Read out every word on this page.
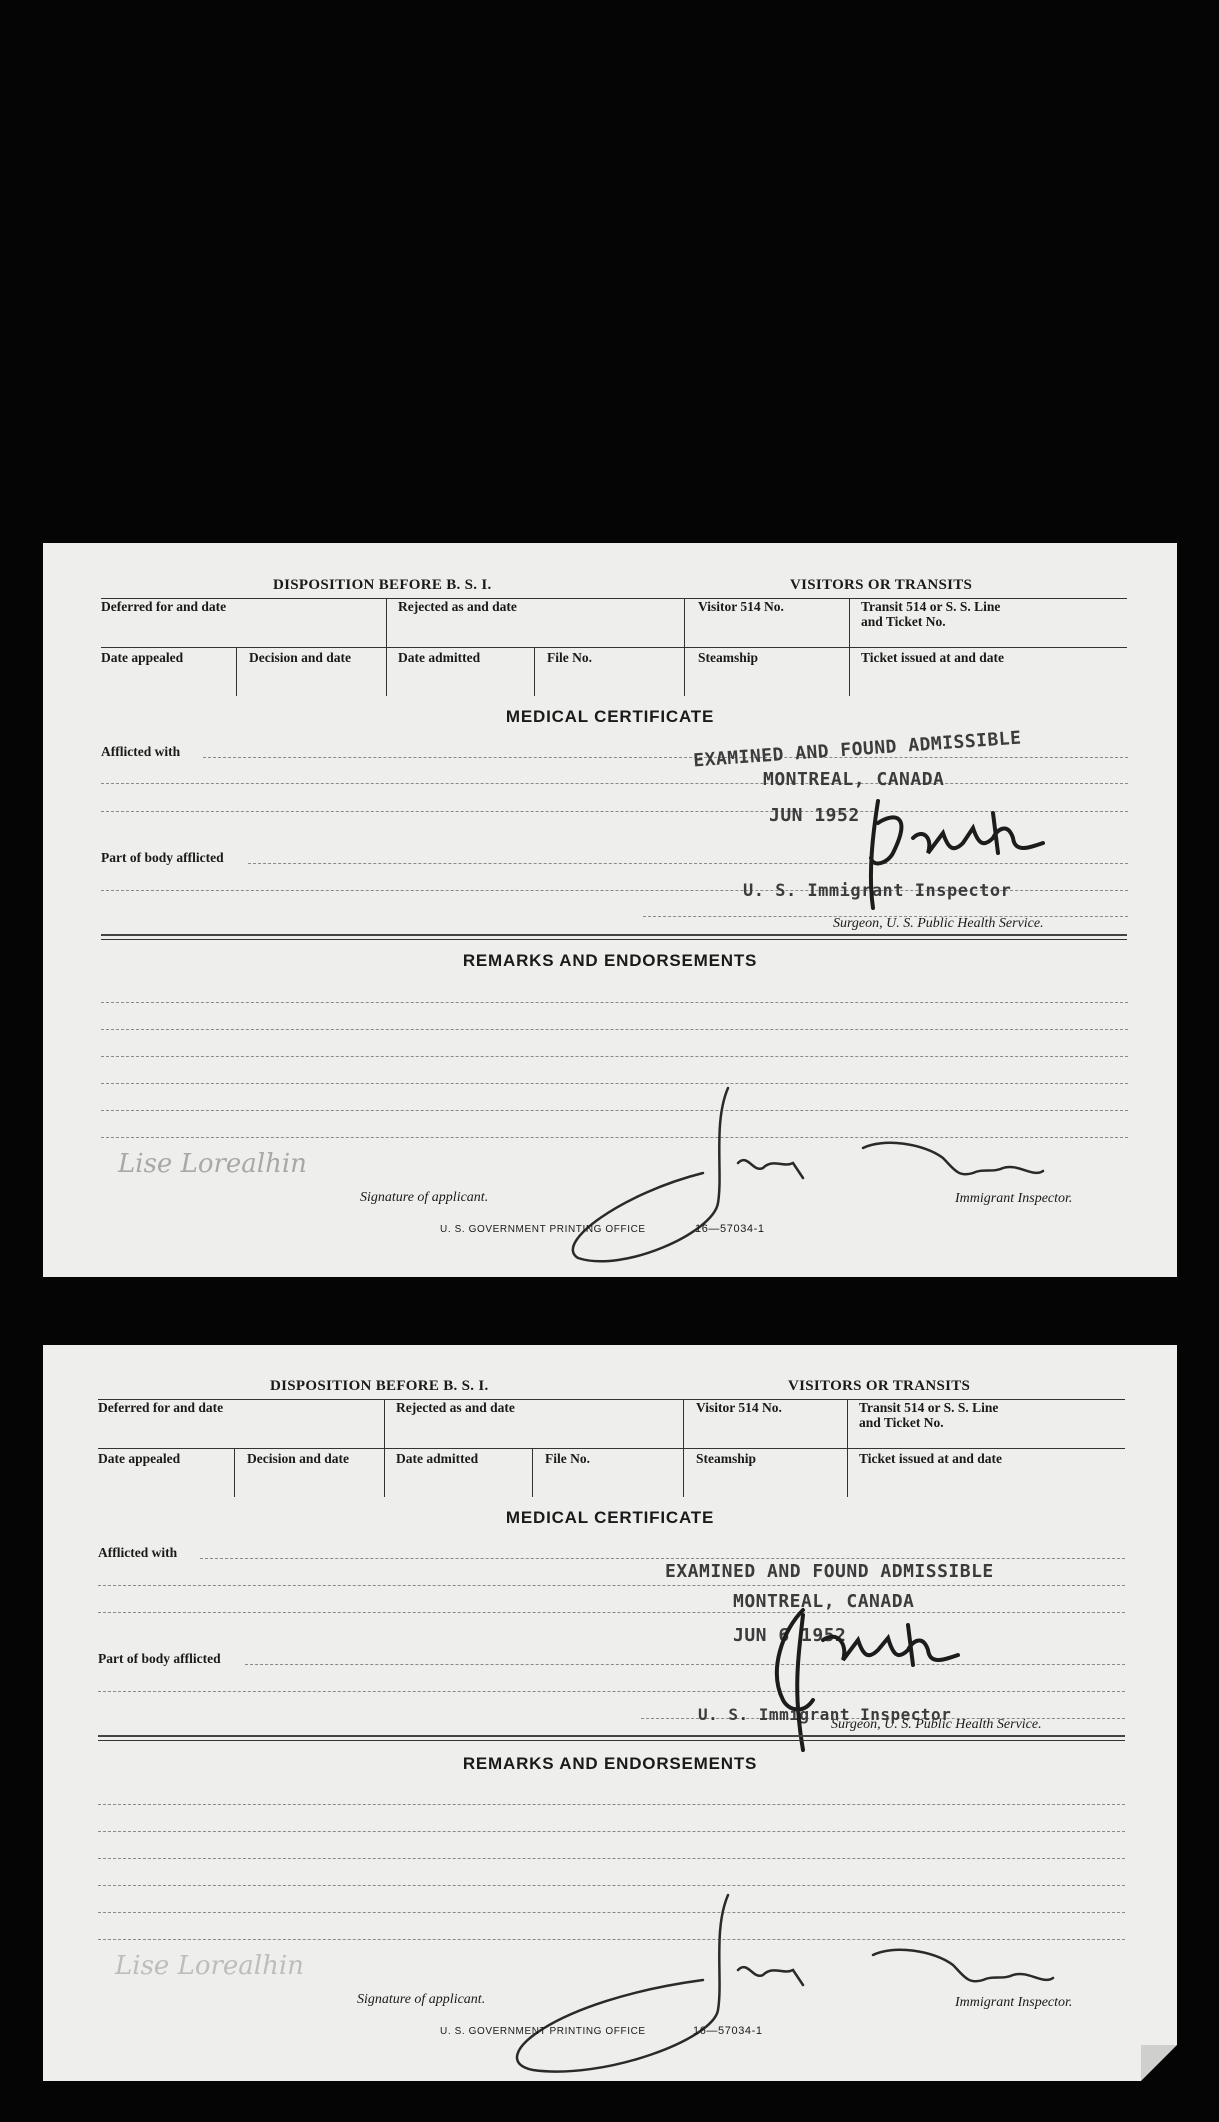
DISPOSITION BEFORE B. S. I.	VISITORS OR TRANSITS
Deferred for and date	Rejected as and date	Visitor 514 No.	Transit 514 or S. S. Line
and Ticket No.
Date appealed	Decision and date	Date admitted	File No.	Steamship	Ticket issued at and date
MEDICAL CERTIFICATE
Afflicted with
Part of body afflicted
Surgeon, U. S. Public Health Service.
EXAMINED AND FOUND ADMISSIBLE
MONTREAL, CANADA
JUN 1952
U. S. Immigrant Inspector
REMARKS AND ENDORSEMENTS
Lise Lorealhin
Signature of applicant.	Immigrant Inspector.
U. S. GOVERNMENT PRINTING OFFICE	16—57034-1
DISPOSITION BEFORE B. S. I.	VISITORS OR TRANSITS
Deferred for and date	Rejected as and date	Visitor 514 No.	Transit 514 or S. S. Line
and Ticket No.
Date appealed	Decision and date	Date admitted	File No.	Steamship	Ticket issued at and date
MEDICAL CERTIFICATE
Afflicted with
Part of body afflicted
Surgeon, U. S. Public Health Service.
EXAMINED AND FOUND ADMISSIBLE
MONTREAL, CANADA
JUN 6 1952
U. S. Immigrant Inspector
REMARKS AND ENDORSEMENTS
Lise Lorealhin
Signature of applicant.	Immigrant Inspector.
U. S. GOVERNMENT PRINTING OFFICE	16—57034-1
